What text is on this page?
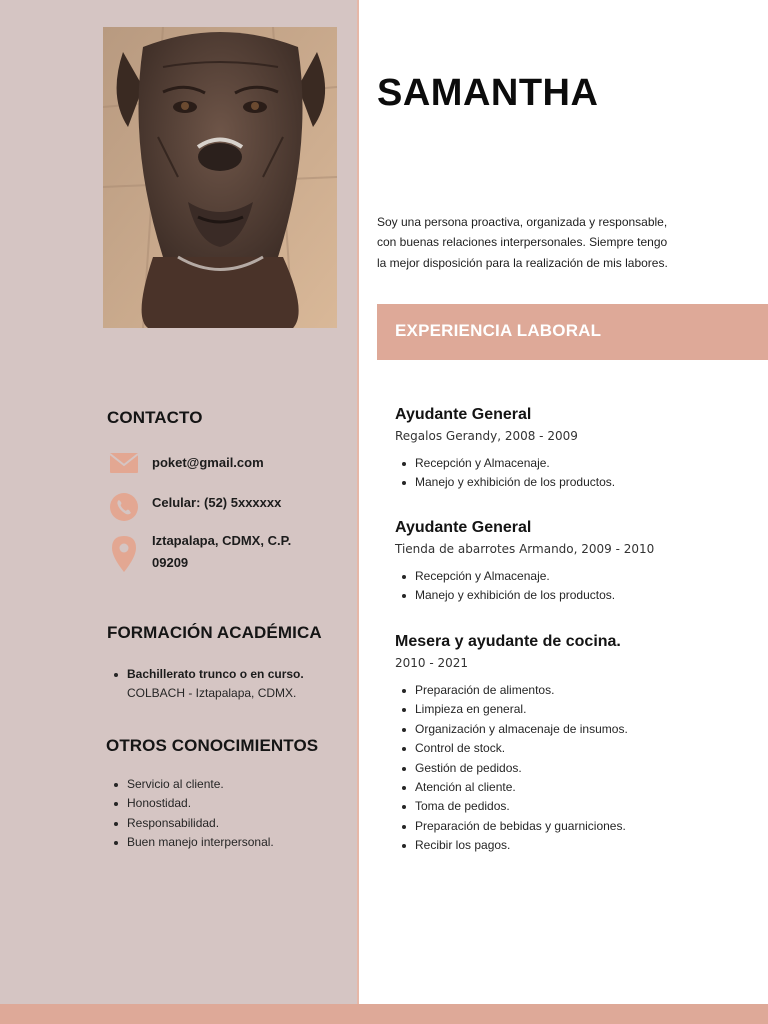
CONTACTO
poket@gmail.com
Celular: (52) 5xxxxxx
Iztapalapa, CDMX, C.P. 09209
FORMACIÓN ACADÉMICA
Bachillerato trunco o en curso.
COLBACH - Iztapalapa, CDMX.
OTROS CONOCIMIENTOS
Servicio al cliente.
Honostidad.
Responsabilidad.
Buen manejo interpersonal.
SAMANTHA
Soy una persona proactiva, organizada y responsable, con buenas relaciones interpersonales. Siempre tengo la mejor disposición para la realización de mis labores.
EXPERIENCIA LABORAL
Ayudante General
Regalos Gerandy, 2008 - 2009
Recepción y Almacenaje.
Manejo y exhibición de los productos.
Ayudante General
Tienda de abarrotes Armando, 2009 - 2010
Recepción y Almacenaje.
Manejo y exhibición de los productos.
Mesera y ayudante de cocina.
2010 - 2021
Preparación de alimentos.
Limpieza en general.
Organización y almacenaje de insumos.
Control de stock.
Gestión de pedidos.
Atención al cliente.
Toma de pedidos.
Preparación de bebidas y guarniciones.
Recibir los pagos.
